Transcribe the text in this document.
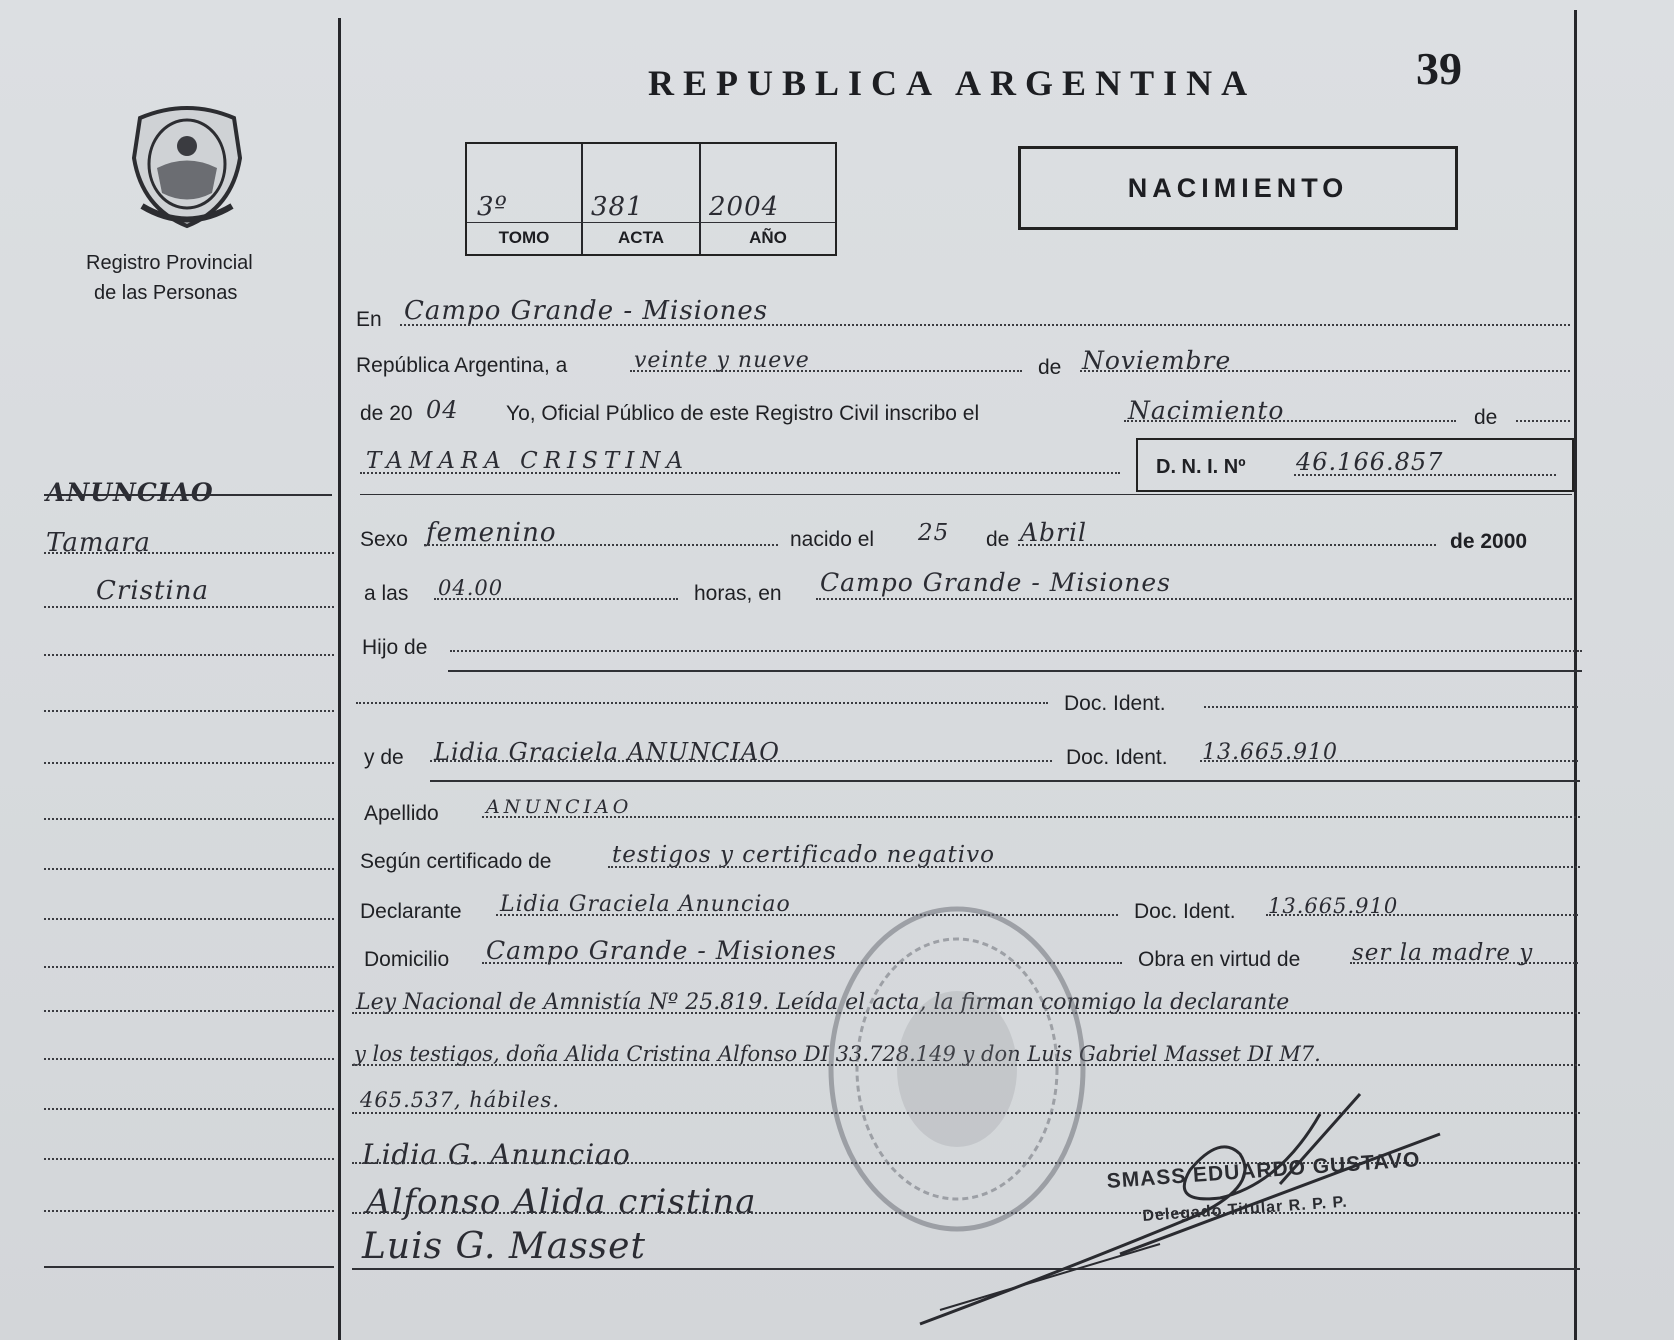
REPUBLICA ARGENTINA	39
Registro Provincial
de las Personas
3º	381	2004
TOMO	ACTA	AÑO
NACIMIENTO
ANUNCIAO
Tamara
Cristina
En Campo Grande - Misiones
República Argentina, a	veinte y nueve	de Noviembre
de 20 04 Yo, Oficial Público de este Registro Civil inscribo el	Nacimiento	de
TAMARA CRISTINA	D. N. I. Nº 46.166.857
Sexo femenino	nacido el 25 de Abril	de 2000
a las 04.00	horas, en Campo Grande - Misiones
Hijo de
Doc. Ident.
y de Lidia Graciela ANUNCIAO	Doc. Ident. 13.665.910
Apellido ANUNCIAO
Según certificado de	testigos y certificado negativo
Declarante Lidia Graciela Anunciao	Doc. Ident. 13.665.910
Domicilio Campo Grande - Misiones	Obra en virtud de ser la madre y
Ley Nacional de Amnistía Nº 25.819. Leída el acta, la firman conmigo la declarante
y los testigos, doña Alida Cristina Alfonso DI 33.728.149 y don Luis Gabriel Masset DI M7.
465.537, hábiles.
Lidia G. Anunciao
Alfonso Alida cristina
Luis G. Masset
SMASS EDUARDO GUSTAVO
Delegado Titular R. P. P.
